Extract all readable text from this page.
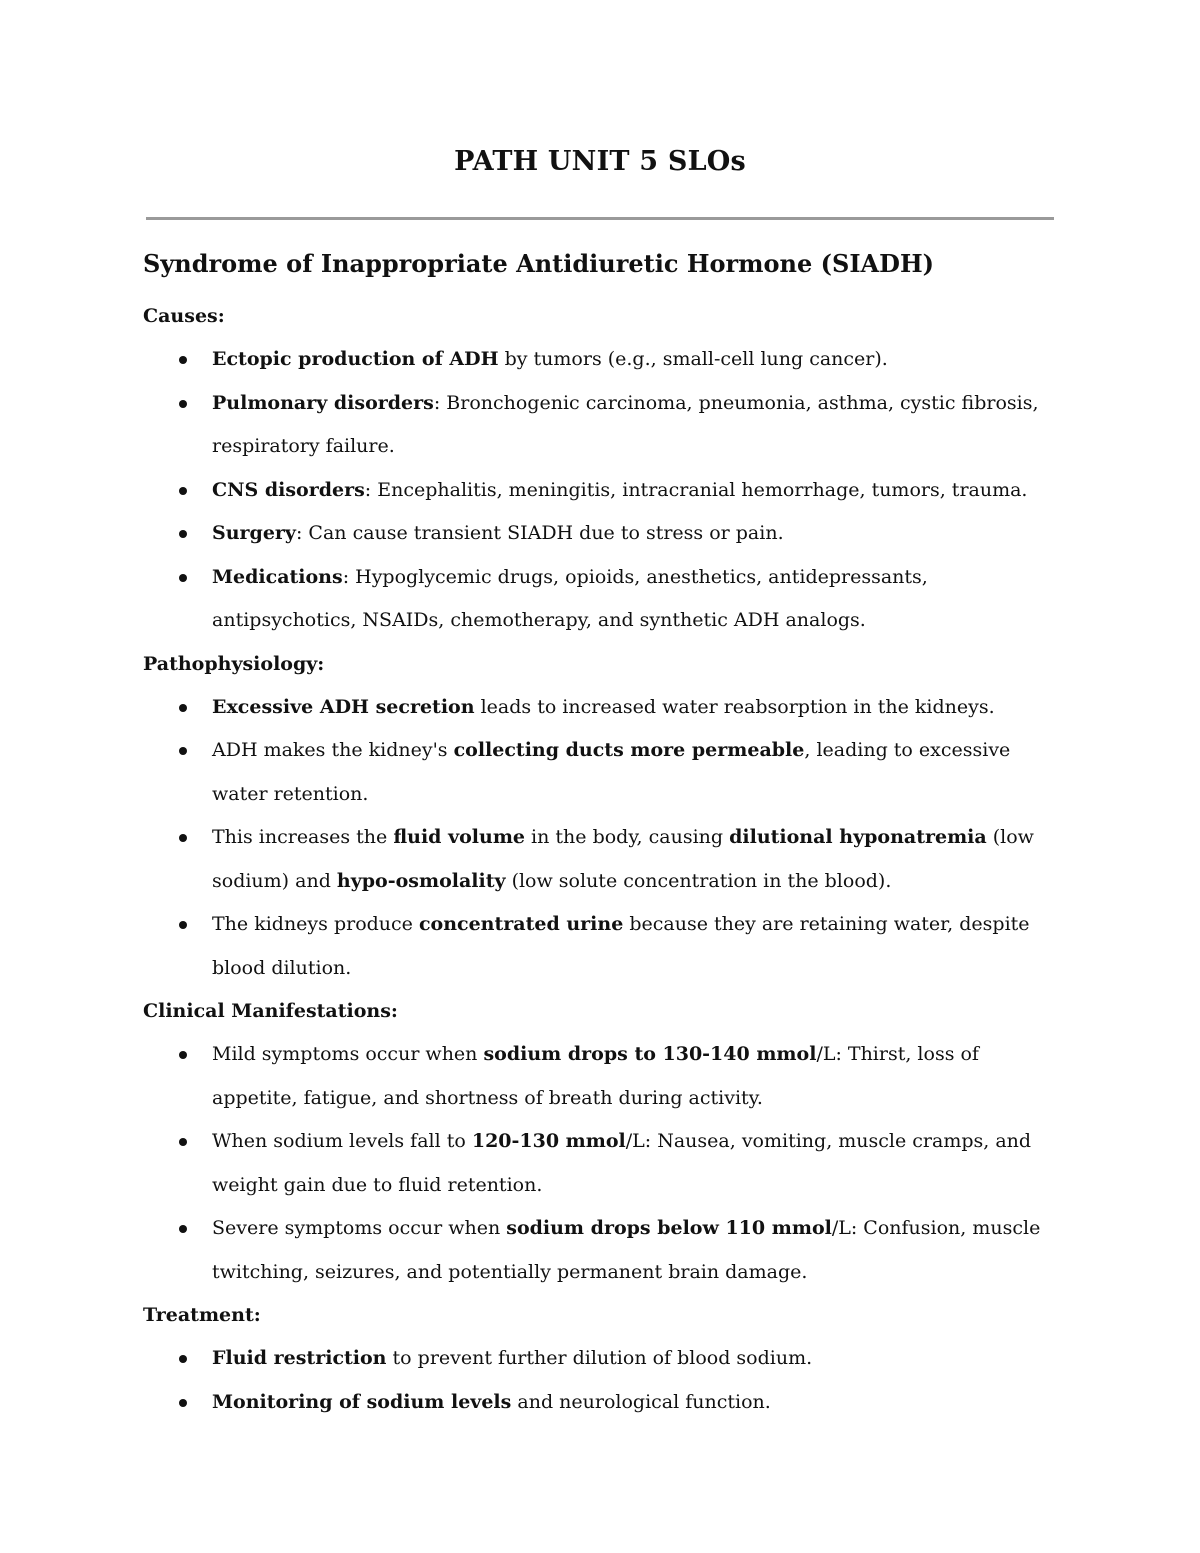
PATH UNIT 5 SLOs
Syndrome of Inappropriate Antidiuretic Hormone (SIADH)
Causes:
Ectopic production of ADH by tumors (e.g., small-cell lung cancer).
Pulmonary disorders: Bronchogenic carcinoma, pneumonia, asthma, cystic fibrosis, respiratory failure.
CNS disorders: Encephalitis, meningitis, intracranial hemorrhage, tumors, trauma.
Surgery: Can cause transient SIADH due to stress or pain.
Medications: Hypoglycemic drugs, opioids, anesthetics, antidepressants, antipsychotics, NSAIDs, chemotherapy, and synthetic ADH analogs.
Pathophysiology:
Excessive ADH secretion leads to increased water reabsorption in the kidneys.
ADH makes the kidney's collecting ducts more permeable, leading to excessive water retention.
This increases the fluid volume in the body, causing dilutional hyponatremia (low sodium) and hypo-osmolality (low solute concentration in the blood).
The kidneys produce concentrated urine because they are retaining water, despite blood dilution.
Clinical Manifestations:
Mild symptoms occur when sodium drops to 130-140 mmol/L: Thirst, loss of appetite, fatigue, and shortness of breath during activity.
When sodium levels fall to 120-130 mmol/L: Nausea, vomiting, muscle cramps, and weight gain due to fluid retention.
Severe symptoms occur when sodium drops below 110 mmol/L: Confusion, muscle twitching, seizures, and potentially permanent brain damage.
Treatment:
Fluid restriction to prevent further dilution of blood sodium.
Monitoring of sodium levels and neurological function.
